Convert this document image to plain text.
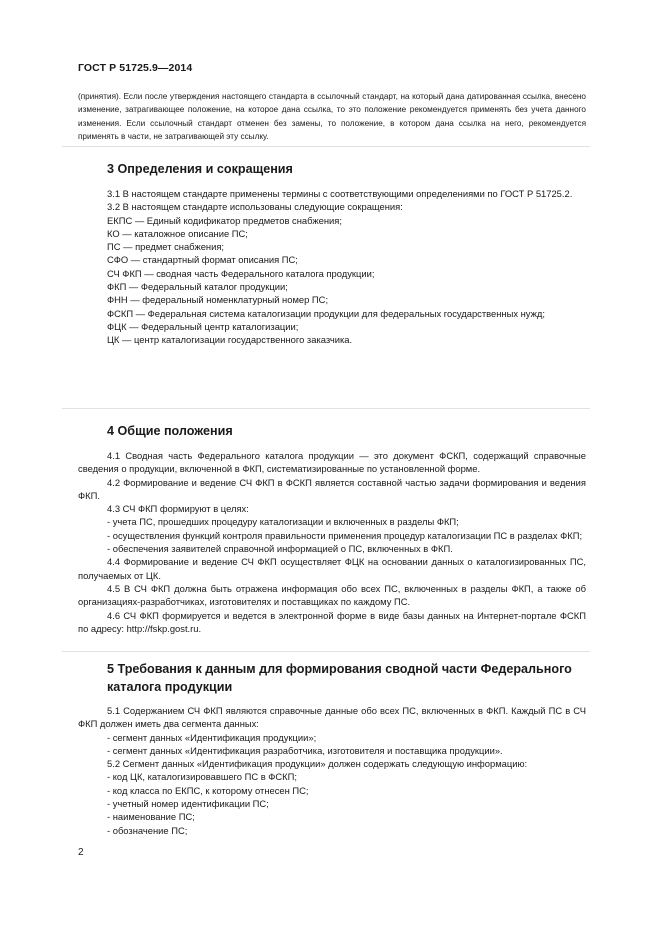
ГОСТ Р 51725.9—2014
(принятия). Если после утверждения настоящего стандарта в ссылочный стандарт, на который дана датированная ссылка, внесено изменение, затрагивающее положение, на которое дана ссылка, то это положение рекомендуется применять без учета данного изменения. Если ссылочный стандарт отменен без замены, то положение, в котором дана ссылка на него, рекомендуется применять в части, не затрагивающей эту ссылку.
3 Определения и сокращения

3.1 В настоящем стандарте применены термины с соответствующими определениями по ГОСТ Р 51725.2.

3.2 В настоящем стандарте использованы следующие сокращения:

ЕКПС — Единый кодификатор предметов снабжения;

КО — каталожное описание ПС;

ПС — предмет снабжения;

СФО — стандартный формат описания ПС;

СЧ ФКП — сводная часть Федерального каталога продукции;

ФКП — Федеральный каталог продукции;

ФНН — федеральный номенклатурный номер ПС;

ФСКП — Федеральная система каталогизации продукции для федеральных государственных нужд;

ФЦК — Федеральный центр каталогизации;

ЦК — центр каталогизации государственного заказчика.

4 Общие положения

4.1 Сводная часть Федерального каталога продукции — это документ ФСКП, содержащий справочные сведения о продукции, включенной в ФКП, систематизированные по установленной форме.

4.2 Формирование и ведение СЧ ФКП в ФСКП является составной частью задачи формирования и ведения ФКП.

4.3 СЧ ФКП формируют в целях:

- учета ПС, прошедших процедуру каталогизации и включенных в разделы ФКП;

- осуществления функций контроля правильности применения процедур каталогизации ПС в разделах ФКП;

- обеспечения заявителей справочной информацией о ПС, включенных в ФКП.

4.4 Формирование и ведение СЧ ФКП осуществляет ФЦК на основании данных о каталогизированных ПС, получаемых от ЦК.

4.5 В СЧ ФКП должна быть отражена информация обо всех ПС, включенных в разделы ФКП, а также об организациях-разработчиках, изготовителях и поставщиках по каждому ПС.

4.6 СЧ ФКП формируется и ведется в электронной форме в виде базы данных на Интернет-портале ФСКП по адресу: http://fskp.gost.ru.

5 Требования к данным для формирования сводной части Федерального
каталога продукции

5.1 Содержанием СЧ ФКП являются справочные данные обо всех ПС, включенных в ФКП. Каждый ПС в СЧ ФКП должен иметь два сегмента данных:

- сегмент данных «Идентификация продукции»;

- сегмент данных «Идентификация разработчика, изготовителя и поставщика продукции».

5.2 Сегмент данных «Идентификация продукции» должен содержать следующую информацию:

- код ЦК, каталогизировавшего ПС в ФСКП;

- код класса по ЕКПС, к которому отнесен ПС;

- учетный номер идентификации ПС;

- наименование ПС;

- обозначение ПС;

2
